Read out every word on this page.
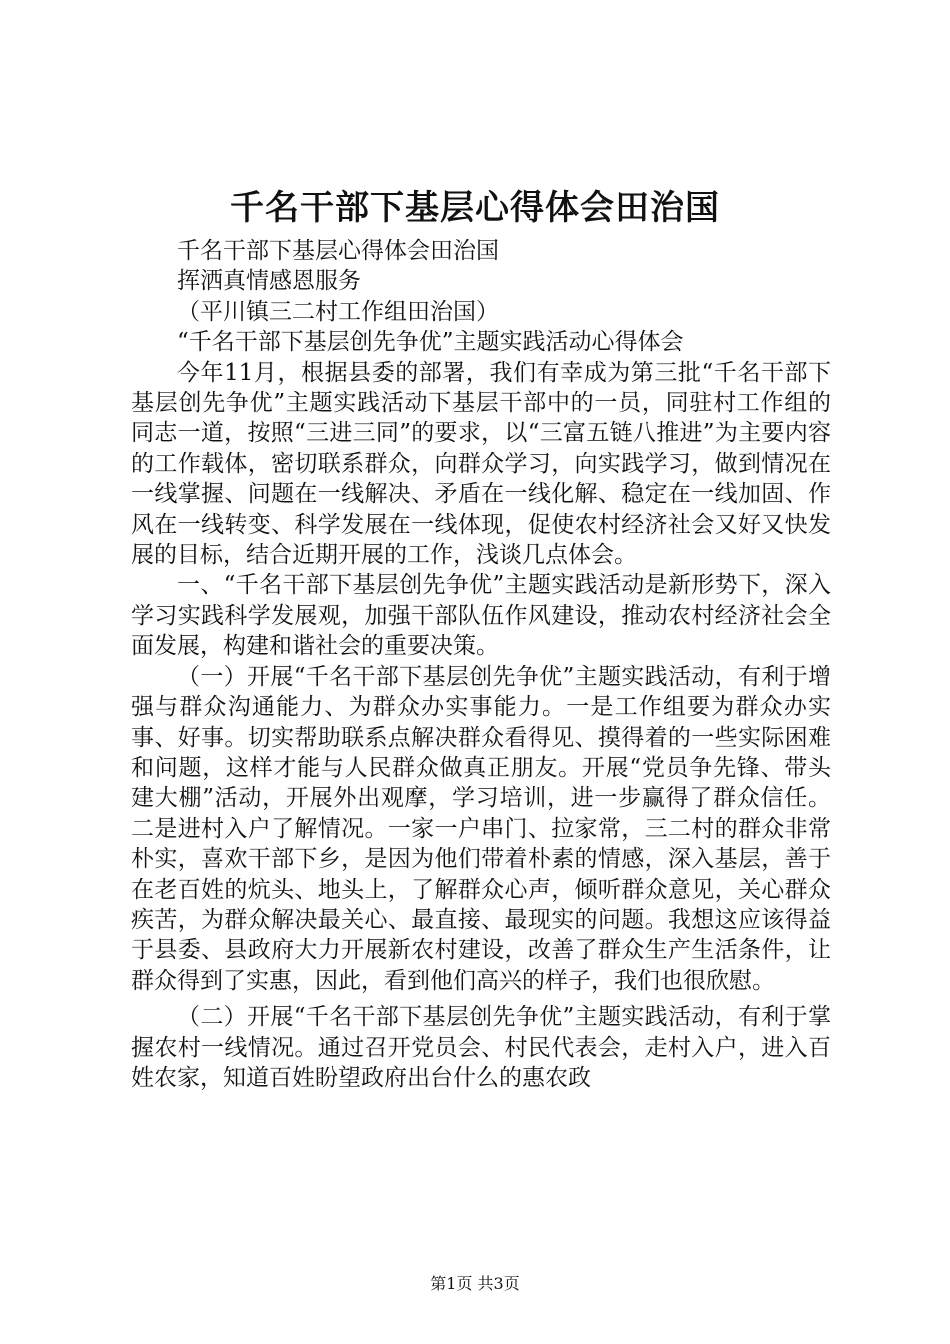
千名干部下基层心得体会田治国

千名干部下基层心得体会田治国

挥洒真情感恩服务

（平川镇三二村工作组田治国）

“千名干部下基层创先争优”主题实践活动心得体会

今年11月，根据县委的部署，我们有幸成为第三批“千名干部下基层创先争优”主题实践活动下基层干部中的一员，同驻村工作组的同志一道，按照“三进三同”的要求，以“三富五链八推进”为主要内容的工作载体，密切联系群众，向群众学习，向实践学习，做到情况在一线掌握、问题在一线解决、矛盾在一线化解、稳定在一线加固、作风在一线转变、科学发展在一线体现，促使农村经济社会又好又快发展的目标，结合近期开展的工作，浅谈几点体会。

一、“千名干部下基层创先争优”主题实践活动是新形势下，深入学习实践科学发展观，加强干部队伍作风建设，推动农村经济社会全面发展，构建和谐社会的重要决策。

（一）开展“千名干部下基层创先争优”主题实践活动，有利于增强与群众沟通能力、为群众办实事能力。一是工作组要为群众办实事、好事。切实帮助联系点解决群众看得见、摸得着的一些实际困难和问题，这样才能与人民群众做真正朋友。开展“党员争先锋、带头建大棚”活动，开展外出观摩，学习培训，进一步赢得了群众信任。二是进村入户了解情况。一家一户串门、拉家常，三二村的群众非常朴实，喜欢干部下乡，是因为他们带着朴素的情感，深入基层，善于在老百姓的炕头、地头上，了解群众心声，倾听群众意见，关心群众疾苦，为群众解决最关心、最直接、最现实的问题。我想这应该得益于县委、县政府大力开展新农村建设，改善了群众生产生活条件，让群众得到了实惠，因此，看到他们高兴的样子，我们也很欣慰。

（二）开展“千名干部下基层创先争优”主题实践活动，有利于掌握农村一线情况。通过召开党员会、村民代表会，走村入户，进入百姓农家，知道百姓盼望政府出台什么的惠农政

第1页 共3页
